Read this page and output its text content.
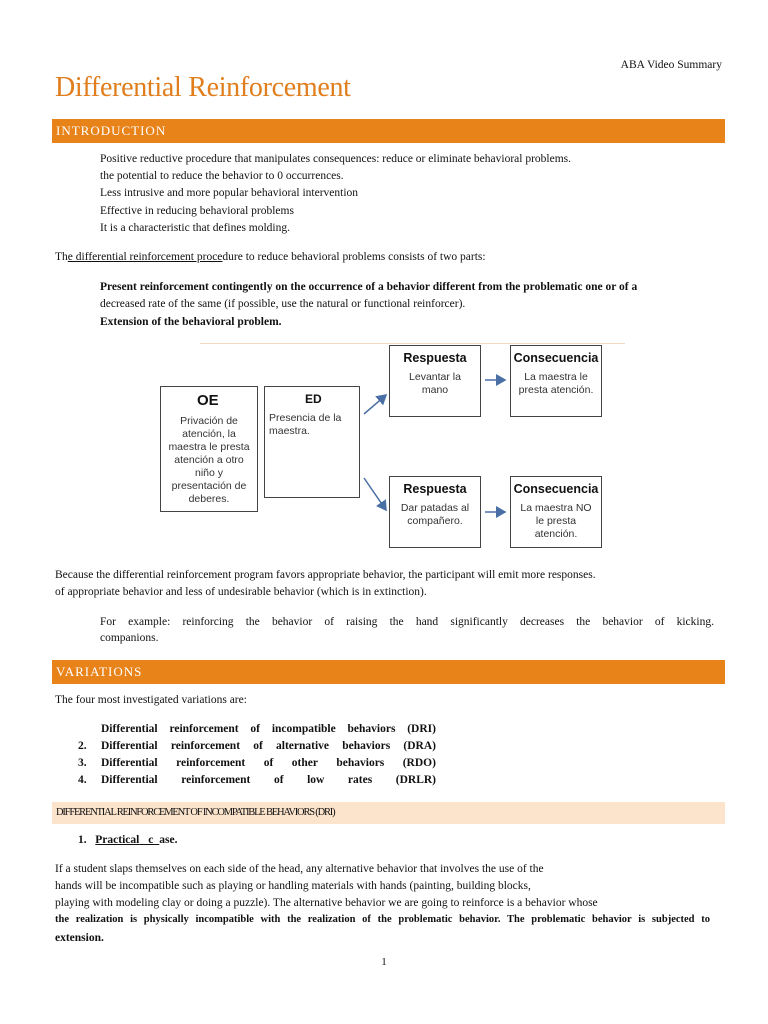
ABA Video Summary
Differential Reinforcement
INTRODUCTION
Positive reductive procedure that manipulates consequences: reduce or eliminate behavioral problems.
the potential to reduce the behavior to 0 occurrences.
Less intrusive and more popular behavioral intervention
Effective in reducing behavioral problems
It is a characteristic that defines molding.
The differential reinforcement procedure to reduce behavioral problems consists of two parts:
Present reinforcement contingently on the occurrence of a behavior different from the problematic one or of a
decreased rate of the same (if possible, use the natural or functional reinforcer).
Extension of the behavioral problem.
OE
Privación de atención, la maestra le presta atención a otro niño y presentación de deberes.
ED
Presencia de la maestra.
Respuesta
Levantar la mano
Consecuencia
La maestra le presta atención.
Respuesta
Dar patadas al compañero.
Consecuencia
La maestra NO le presta atención.
Because the differential reinforcement program favors appropriate behavior, the participant will emit more responses.
of appropriate behavior and less of undesirable behavior (which is in extinction).
For example: reinforcing the behavior of raising the hand significantly decreases the behavior of kicking.
companions.
VARIATIONS
The four most investigated variations are:
Differential reinforcement of incompatible behaviors (DRI)
2.	Differential reinforcement of alternative behaviors (DRA)
3.	Differential reinforcement of other behaviors (RDO)
4.	Differential reinforcement of low rates (DRLR)
DIFFERENTIAL REINFORCEMENT OF INCOMPATIBLE BEHAVIORS (DRI)
1. Practical case.
If a student slaps themselves on each side of the head, any alternative behavior that involves the use of the
hands will be incompatible such as playing or handling materials with hands (painting, building blocks,
playing with modeling clay or doing a puzzle). The alternative behavior we are going to reinforce is a behavior whose
the realization is physically incompatible with the realization of the problematic behavior. The problematic behavior is subjected to
extension.
1
